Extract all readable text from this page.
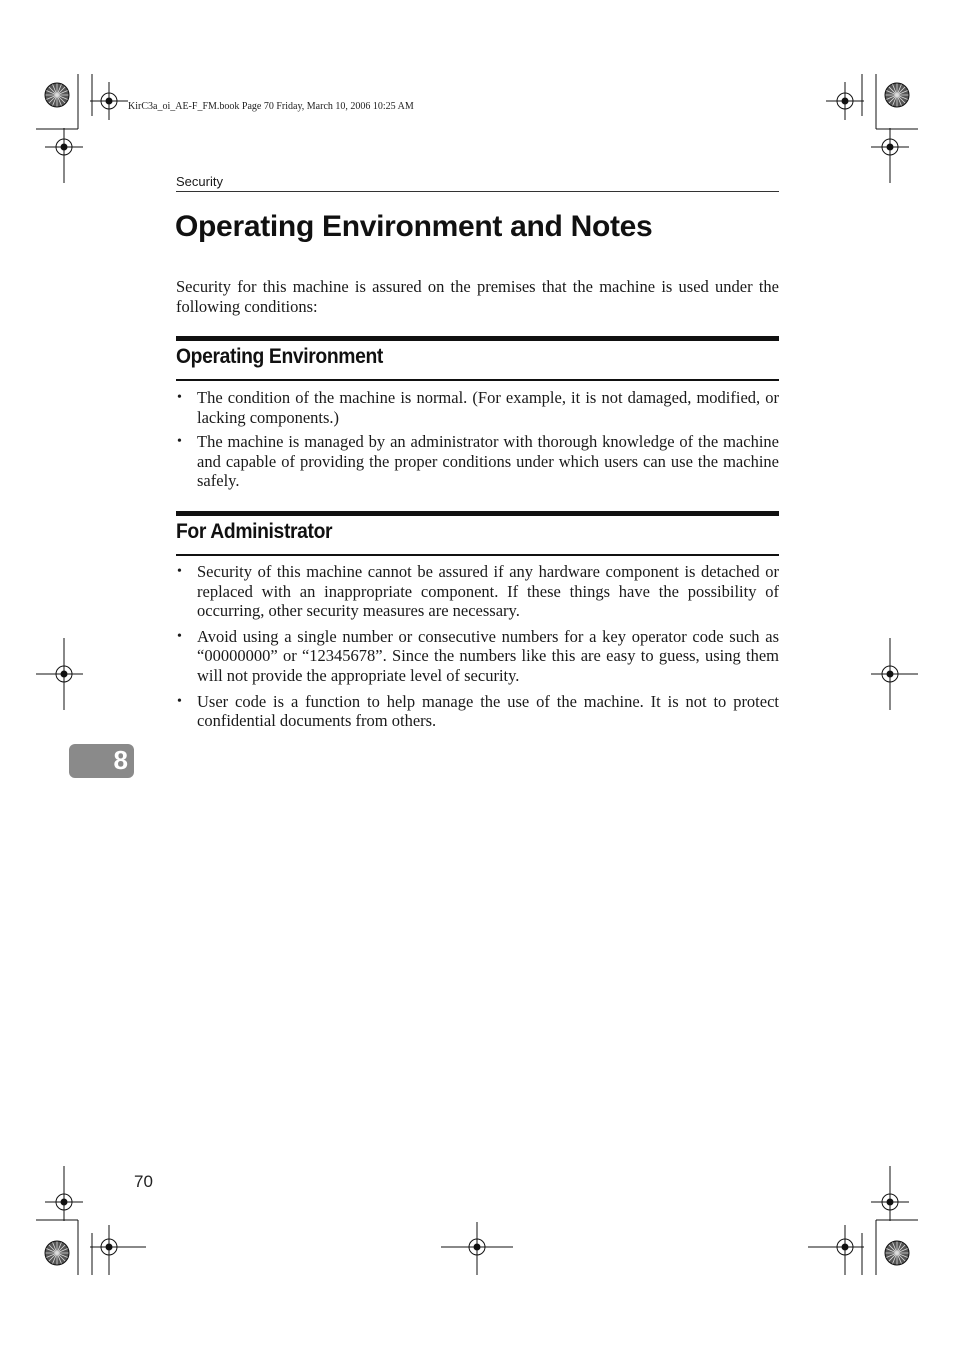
KirC3a_oi_AE-F_FM.book Page 70 Friday, March 10, 2006 10:25 AM
Security
Operating Environment and Notes

Security for this machine is assured on the premises that the machine is used under the following conditions:

Operating Environment
• The condition of the machine is normal. (For example, it is not damaged, modified, or lacking components.)
• The machine is managed by an administrator with thorough knowledge of the machine and capable of providing the proper conditions under which users can use the machine safely.
For Administrator
• Security of this machine cannot be assured if any hardware component is detached or replaced with an inappropriate component. If these things have the possibility of occurring, other security measures are necessary.
• Avoid using a single number or consecutive numbers for a key operator code such as “00000000” or “12345678”. Since the numbers like this are easy to guess, using them will not provide the appropriate level of security.
• User code is a function to help manage the use of the machine. It is not to protect confidential documents from others.
8
70
